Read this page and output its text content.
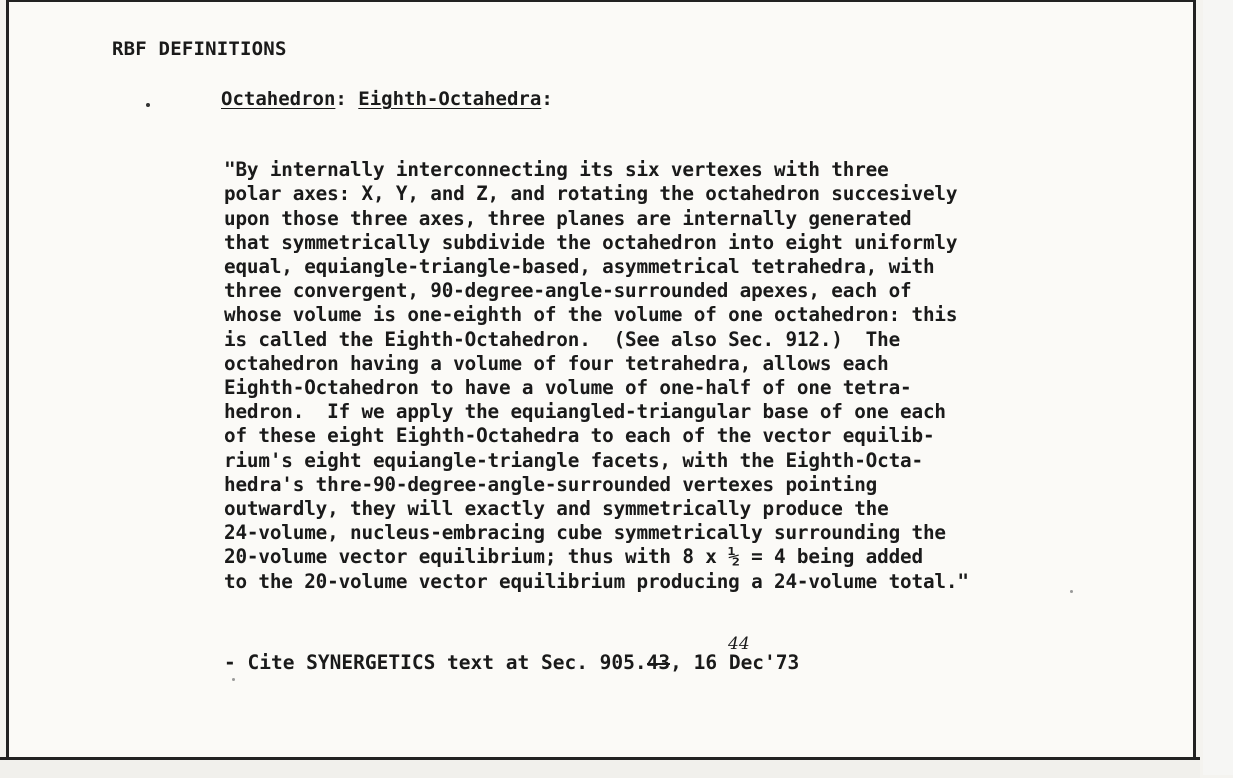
RBF DEFINITIONS
Octahedron: Eighth-Octahedra:

"By internally interconnecting its six vertexes with three
polar axes: X, Y, and Z, and rotating the octahedron succesively
upon those three axes, three planes are internally generated
that symmetrically subdivide the octahedron into eight uniformly
equal, equiangle-triangle-based, asymmetrical tetrahedra, with
three convergent, 90-degree-angle-surrounded apexes, each of
whose volume is one-eighth of the volume of one octahedron: this
is called the Eighth-Octahedron.  (See also Sec. 912.)  The
octahedron having a volume of four tetrahedra, allows each
Eighth-Octahedron to have a volume of one-half of one tetra-
hedron.  If we apply the equiangled-triangular base of one each
of these eight Eighth-Octahedra to each of the vector equilib-
rium's eight equiangle-triangle facets, with the Eighth-Octa-
hedra's thre-90-degree-angle-surrounded vertexes pointing
outwardly, they will exactly and symmetrically produce the
24-volume, nucleus-embracing cube symmetrically surrounding the
20-volume vector equilibrium; thus with 8 x ½ = 4 being added
to the 20-volume vector equilibrium producing a 24-volume total."

44
- Cite SYNERGETICS text at Sec. 905.43, 16 Dec'73
